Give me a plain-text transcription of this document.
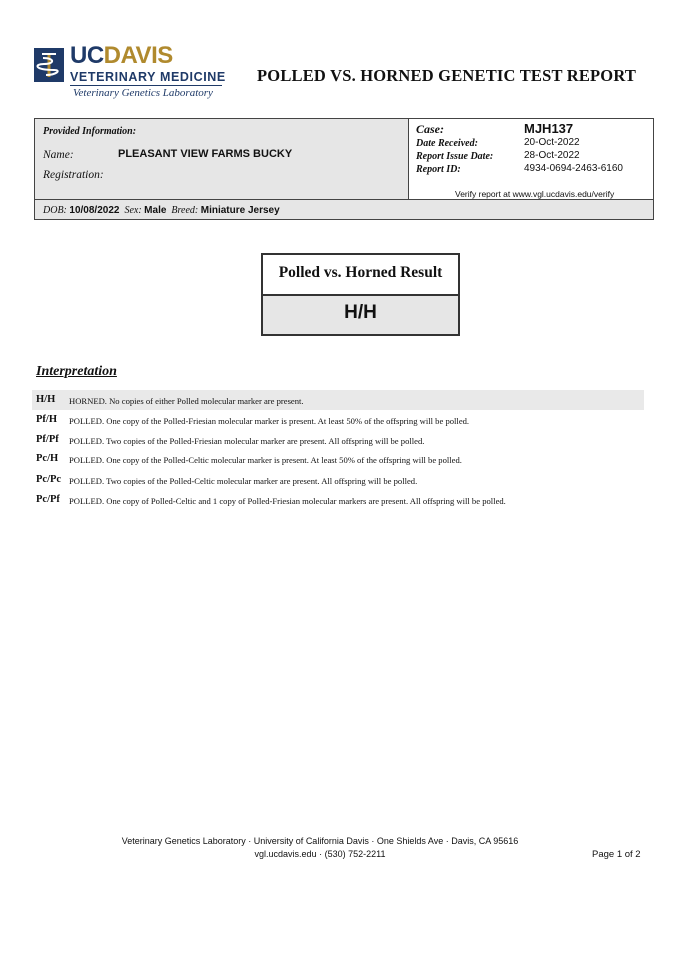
UCDAVIS
VETERINARY MEDICINE
Veterinary Genetics Laboratory
POLLED VS. HORNED GENETIC TEST REPORT
Provided Information:
Name:	PLEASANT VIEW FARMS BUCKY
Registration:
Case:	MJH137
Date Received:	20-Oct-2022
Report Issue Date:	28-Oct-2022
Report ID:	4934-0694-2463-6160
Verify report at www.vgl.ucdavis.edu/verify
DOB: 10/08/2022 Sex: Male Breed: Miniature Jersey
Polled vs. Horned Result
H/H
Interpretation
H/H HORNED. No copies of either Polled molecular marker are present.
Pf/H POLLED. One copy of the Polled-Friesian molecular marker is present. At least 50% of the offspring will be polled.
Pf/Pf POLLED. Two copies of the Polled-Friesian molecular marker are present. All offspring will be polled.
Pc/H POLLED. One copy of the Polled-Celtic molecular marker is present. At least 50% of the offspring will be polled.
Pc/Pc POLLED. Two copies of the Polled-Celtic molecular marker are present. All offspring will be polled.
Pc/Pf POLLED. One copy of Polled-Celtic and 1 copy of Polled-Friesian molecular markers are present. All offspring will be polled.
Veterinary Genetics Laboratory · University of California Davis · One Shields Ave · Davis, CA 95616
vgl.ucdavis.edu · (530) 752-2211	Page 1 of 2
